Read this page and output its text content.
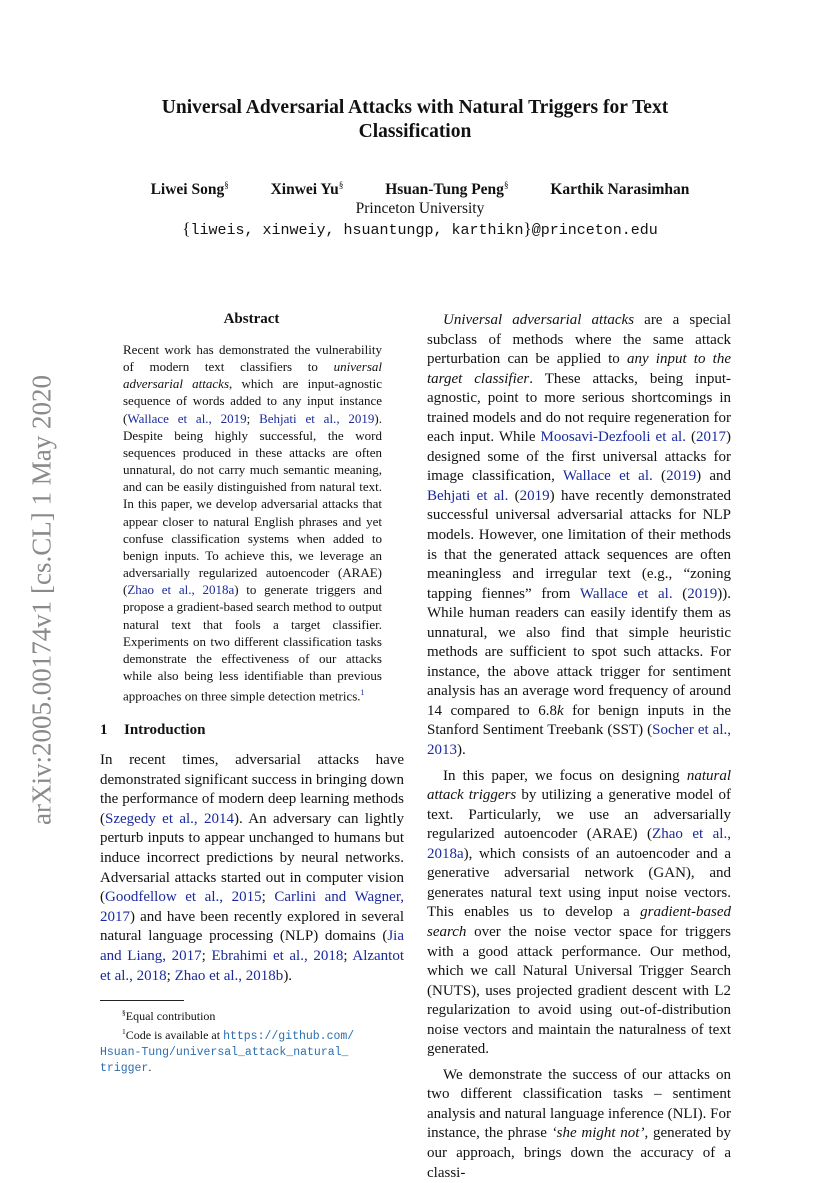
arXiv:2005.00174v1 [cs.CL] 1 May 2020
Universal Adversarial Attacks with Natural Triggers for Text
Classification
Liwei Song§	Xinwei Yu§	Hsuan-Tung Peng§	Karthik Narasimhan
Princeton University
{liweis, xinweiy, hsuantungp, karthikn}@princeton.edu
Abstract

Recent work has demonstrated the vulnerability of modern text classifiers to universal adversarial attacks, which are input-agnostic sequence of words added to any input instance (Wallace et al., 2019; Behjati et al., 2019). Despite being highly successful, the word sequences produced in these attacks are often unnatural, do not carry much semantic meaning, and can be easily distinguished from natural text. In this paper, we develop adversarial attacks that appear closer to natural English phrases and yet confuse classification systems when added to benign inputs. To achieve this, we leverage an adversarially regularized autoencoder (ARAE) (Zhao et al., 2018a) to generate triggers and propose a gradient-based search method to output natural text that fools a target classifier. Experiments on two different classification tasks demonstrate the effectiveness of our attacks while also being less identifiable than previous approaches on three simple detection metrics.$^1$

1 Introduction

In recent times, adversarial attacks have demonstrated significant success in bringing down the performance of modern deep learning methods (Szegedy et al., 2014). An adversary can lightly perturb inputs to appear unchanged to humans but induce incorrect predictions by neural networks. Adversarial attacks started out in computer vision (Goodfellow et al., 2015; Carlini and Wagner, 2017) and have been recently explored in several natural language processing (NLP) domains (Jia and Liang, 2017; Ebrahimi et al., 2018; Alzantot et al., 2018; Zhao et al., 2018b).

§Equal contribution
$^1$Code is available at https://github.com/
Hsuan-Tung/universal_attack_natural_
trigger.

Universal adversarial attacks are a special subclass of methods where the same attack perturbation can be applied to any input to the target classifier. These attacks, being input-agnostic, point to more serious shortcomings in trained models and do not require regeneration for each input. While Moosavi-Dezfooli et al. (2017) designed some of the first universal attacks for image classification, Wallace et al. (2019) and Behjati et al. (2019) have recently demonstrated successful universal adversarial attacks for NLP models. However, one limitation of their methods is that the generated attack sequences are often meaningless and irregular text (e.g., “zoning tapping fiennes” from Wallace et al. (2019)). While human readers can easily identify them as unnatural, we also find that simple heuristic methods are sufficient to spot such attacks. For instance, the above attack trigger for sentiment analysis has an average word frequency of around 14 compared to 6.8k for benign inputs in the Stanford Sentiment Treebank (SST) (Socher et al., 2013).

In this paper, we focus on designing natural attack triggers by utilizing a generative model of text. Particularly, we use an adversarially regularized autoencoder (ARAE) (Zhao et al., 2018a), which consists of an autoencoder and a generative adversarial network (GAN), and generates natural text using input noise vectors. This enables us to develop a gradient-based search over the noise vector space for triggers with a good attack performance. Our method, which we call Natural Universal Trigger Search (NUTS), uses projected gradient descent with L2 regularization to avoid using out-of-distribution noise vectors and maintain the naturalness of text generated.

We demonstrate the success of our attacks on two different classification tasks – sentiment analysis and natural language inference (NLI). For instance, the phrase ‘she might not’, generated by our approach, brings down the accuracy of a classi-
